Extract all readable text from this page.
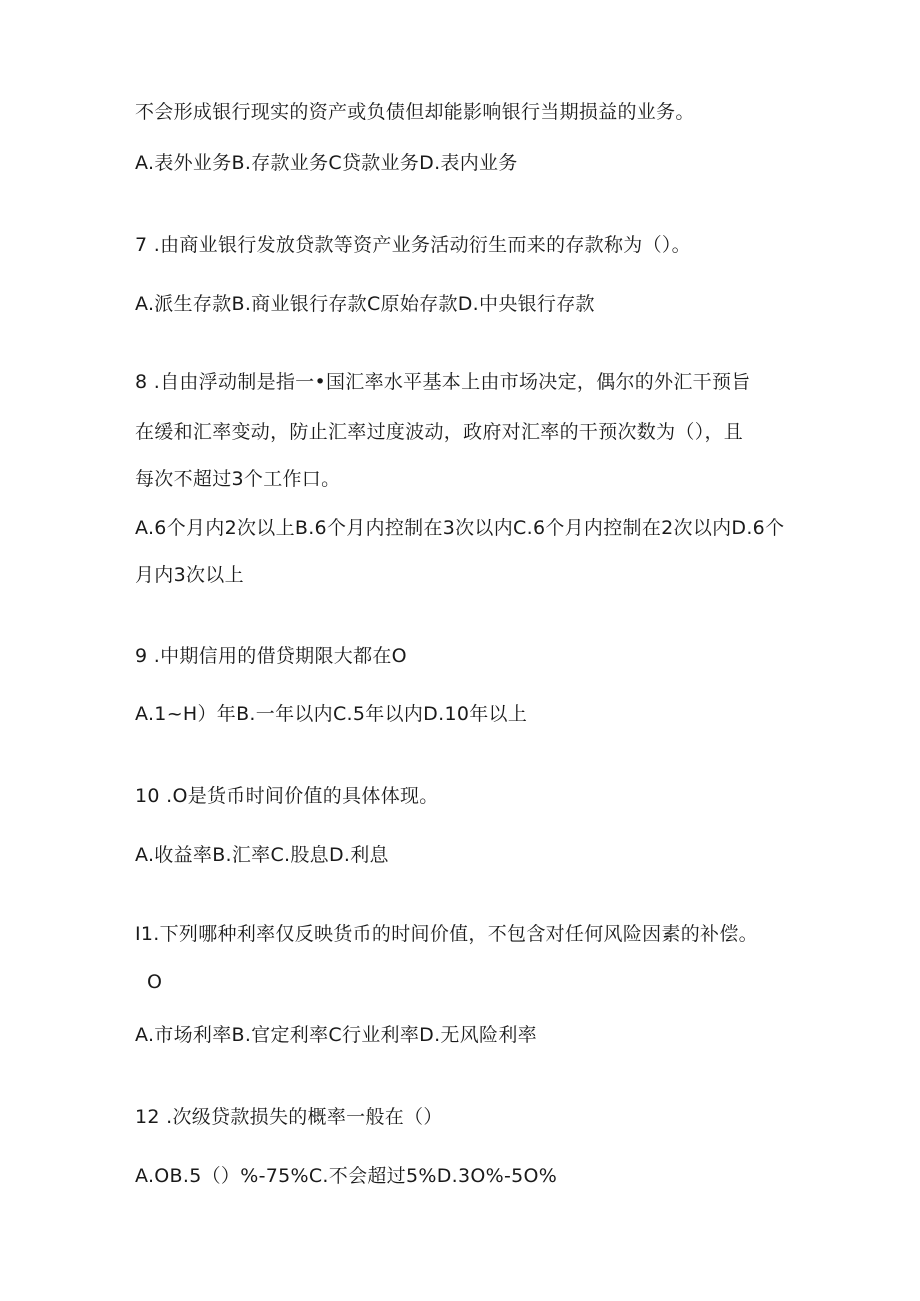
不会形成银行现实的资产或负债但却能影响银行当期损益的业务。
A.表外业务B.存款业务C贷款业务D.表内业务
7 .由商业银行发放贷款等资产业务活动衍生而来的存款称为（）。
A.派生存款B.商业银行存款C原始存款D.中央银行存款
8 .自由浮动制是指一•国汇率水平基本上由市场决定，偶尔的外汇干预旨
在缓和汇率变动，防止汇率过度波动，政府对汇率的干预次数为（），且
每次不超过3个工作口。
A.6个月内2次以上B.6个月内控制在3次以内C.6个月内控制在2次以内D.6个
月内3次以上
9 .中期信用的借贷期限大都在O
A.1~H）年B.一年以内C.5年以内D.10年以上
10 .O是货币时间价值的具体体现。
A.收益率B.汇率C.股息D.利息
I1.下列哪种利率仅反映货币的时间价值，不包含对任何风险因素的补偿。
O
A.市场利率B.官定利率C行业利率D.无风险利率
12 .次级贷款损失的概率一般在（）
A.OB.5（）%-75%C.不会超过5%D.3O%-5O%
